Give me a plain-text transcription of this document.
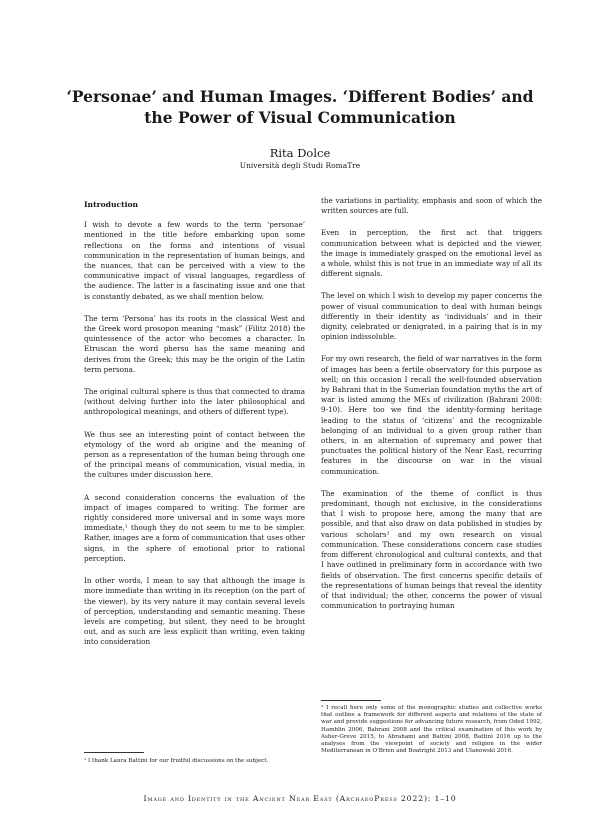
‘Personae’ and Human Images. ‘Different Bodies’ and the Power of Visual Communication
Rita Dolce
Università degli Studi RomaTre

Introduction

I wish to devote a few words to the term ‘personae’ mentioned in the title before embarking upon some reflections on the forms and intentions of visual communication in the representation of human beings, and the nuances, that can be perceived with a view to the communicative impact of visual languages, regardless of the audience. The latter is a fascinating issue and one that is constantly debated, as we shall mention below.

The term ‘Persona’ has its roots in the classical West and the Greek word prosopon meaning “mask” (Filitz 2018) the quintessence of the actor who becomes a character. In Etruscan the word phersu has the same meaning and derives from the Greek; this may be the origin of the Latin term persona.

The original cultural sphere is thus that connected to drama (without delving further into the later philosophical and anthropological meanings, and others of different type).

We thus see an interesting point of contact between the etymology of the word ab origine and the meaning of person as a representation of the human being through one of the principal means of communication, visual media, in the cultures under discussion here.

A second consideration concerns the evaluation of the impact of images compared to writing. The former are rightly considered more universal and in some ways more immediate,¹ though they do not seem to me to be simpler. Rather, images are a form of communication that uses other signs, in the sphere of emotional prior to rational perception.

In other words, I mean to say that although the image is more immediate than writing in its reception (on the part of the viewer), by its very nature it may contain several levels of perception, understanding and semantic meaning. These levels are competing, but silent, they need to be brought out, and as such are less explicit than writing, even taking into consideration

the variations in partiality, emphasis and soon of which the written sources are full.

Even in perception, the first act that triggers communication between what is depicted and the viewer, the image is immediately grasped on the emotional level as a whole, whilst this is not true in an immediate way of all its different signals.

The level on which I wish to develop my paper concerns the power of visual communication to deal with human beings differently in their identity as ‘individuals’ and in their dignity, celebrated or denigrated, in a pairing that is in my opinion indissoluble.

For my own research, the field of war narratives in the form of images has been a fertile observatory for this purpose as well; on this occasion I recall the well-founded observation by Bahrani that in the Sumerian foundation myths the art of war is listed among the MEs of civilization (Bahrani 2008: 9-10). Here too we find the identity-forming heritage leading to the status of ‘citizens’ and the recognizable belonging of an individual to a given group rather than others, in an alternation of supremacy and power that punctuates the political history of the Near East, recurring features in the discourse on war in the visual communication.

The examination of the theme of conflict is thus predominant, though not exclusive, in the considerations that I wish to propose here, among the many that are possible, and that also draw on data published in studies by various scholars² and my own research on visual communication. These considerations concern case studies from different chronological and cultural contexts, and that I have outlined in preliminary form in accordance with two fields of observation. The first concerns specific details of the representations of human beings that reveal the identity of that individual; the other, concerns the power of visual communication to portraying human

¹ I thank Laura Battini for our fruitful discussions on the subject.
² I recall here only some of the monographic studies and collective works that outline a framework for different aspects and relations of the state of war and provide suggestions for advancing future research, from Oded 1992, Hamblin 2006, Bahrani 2008 and the critical examination of this work by Asher-Greve 2015, to Abrahami and Battini 2008, Battini 2016 up to the analyses from the viewpoint of society and religion in the wider Mediterranean in O’Brien and Boatright 2013 and Ulanowski 2016.
Image and Identity in the Ancient Near East (ArchaeoPress 2022): 1–10
